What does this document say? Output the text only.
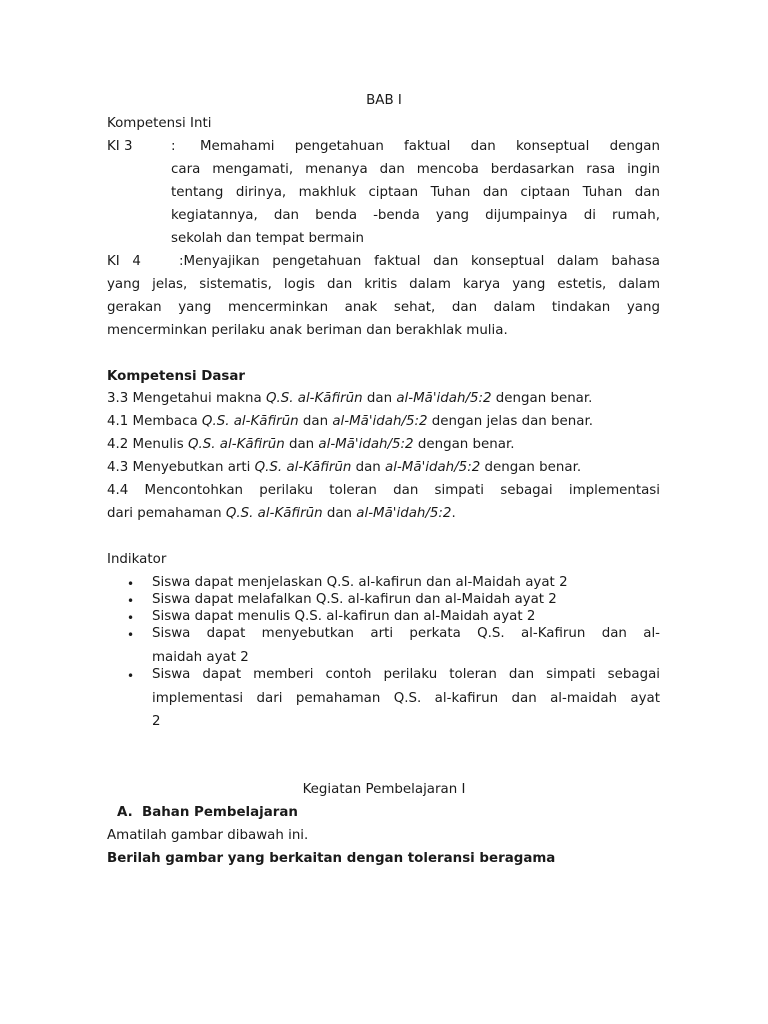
BAB I
Kompetensi Inti
KI 3	: Memahami pengetahuan faktual dan konseptual dengan
cara mengamati, menanya dan mencoba berdasarkan rasa ingin
tentang dirinya, makhluk ciptaan Tuhan dan ciptaan Tuhan dan
kegiatannya, dan benda -benda yang dijumpainya di rumah,
sekolah dan tempat bermain
KI 4   :Menyajikan pengetahuan faktual dan konseptual dalam bahasa
yang jelas, sistematis, logis dan kritis dalam karya yang estetis, dalam
gerakan yang mencerminkan anak sehat, dan dalam tindakan yang
mencerminkan perilaku anak beriman dan berakhlak mulia.
Kompetensi Dasar
3.3 Mengetahui makna Q.S. al-Kāfirūn dan al-Mā'idah/5:2 dengan benar.
4.1 Membaca Q.S. al-Kāfirūn dan al-Mā'idah/5:2 dengan jelas dan benar.
4.2 Menulis Q.S. al-Kāfirūn dan al-Mā'idah/5:2 dengan benar.
4.3 Menyebutkan arti Q.S. al-Kāfirūn dan al-Mā'idah/5:2 dengan benar.
4.4 Mencontohkan perilaku toleran dan simpati sebagai implementasi
dari pemahaman Q.S. al-Kāfirūn dan al-Mā'idah/5:2.
Indikator
• Siswa dapat menjelaskan Q.S. al-kafirun dan al-Maidah ayat 2
• Siswa dapat melafalkan Q.S. al-kafirun dan al-Maidah ayat 2
• Siswa dapat menulis Q.S. al-kafirun dan al-Maidah ayat 2
• Siswa dapat menyebutkan arti perkata Q.S. al-Kafirun dan al-
maidah ayat 2
• Siswa dapat memberi contoh perilaku toleran dan simpati sebagai
implementasi dari pemahaman Q.S. al-kafirun dan al-maidah ayat
2
Kegiatan Pembelajaran I
A.  Bahan Pembelajaran
Amatilah gambar dibawah ini.
Berilah gambar yang berkaitan dengan toleransi beragama
